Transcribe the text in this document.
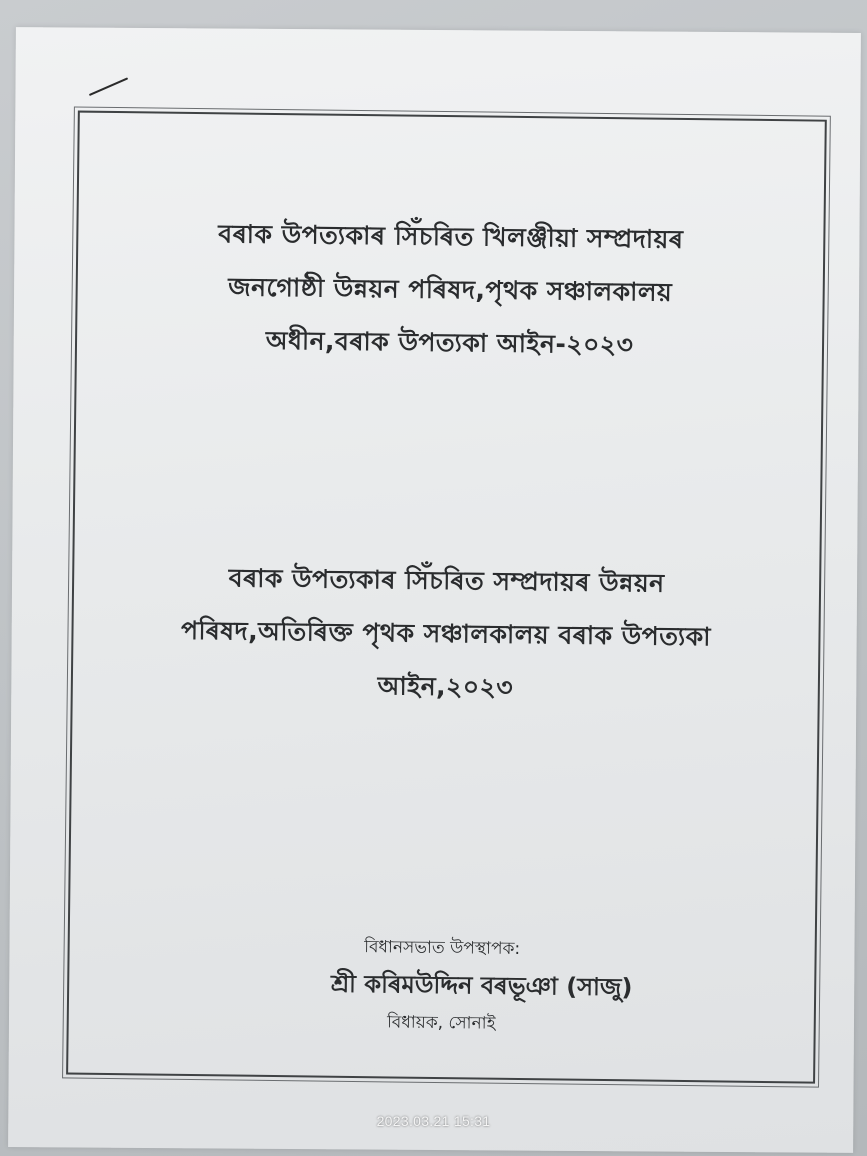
বৰাক উপত্যকাৰ সিঁচৰিত খিলঞ্জীয়া সম্প্ৰদায়ৰ
জনগোষ্ঠী উন্নয়ন পৰিষদ,পৃথক সঞ্চালকালয়
অধীন,বৰাক উপত্যকা আইন-২০২৩
বৰাক উপত্যকাৰ সিঁচৰিত সম্প্ৰদায়ৰ উন্নয়ন
পৰিষদ,অতিৰিক্ত পৃথক সঞ্চালকালয় বৰাক উপত্যকা
আইন,২০২৩
বিধানসভাত উপস্থাপক:
শ্ৰী কৰিমউদ্দিন বৰভূঞা (সাজু)
বিধায়ক, সোনাই
2023.03.21 15:31
